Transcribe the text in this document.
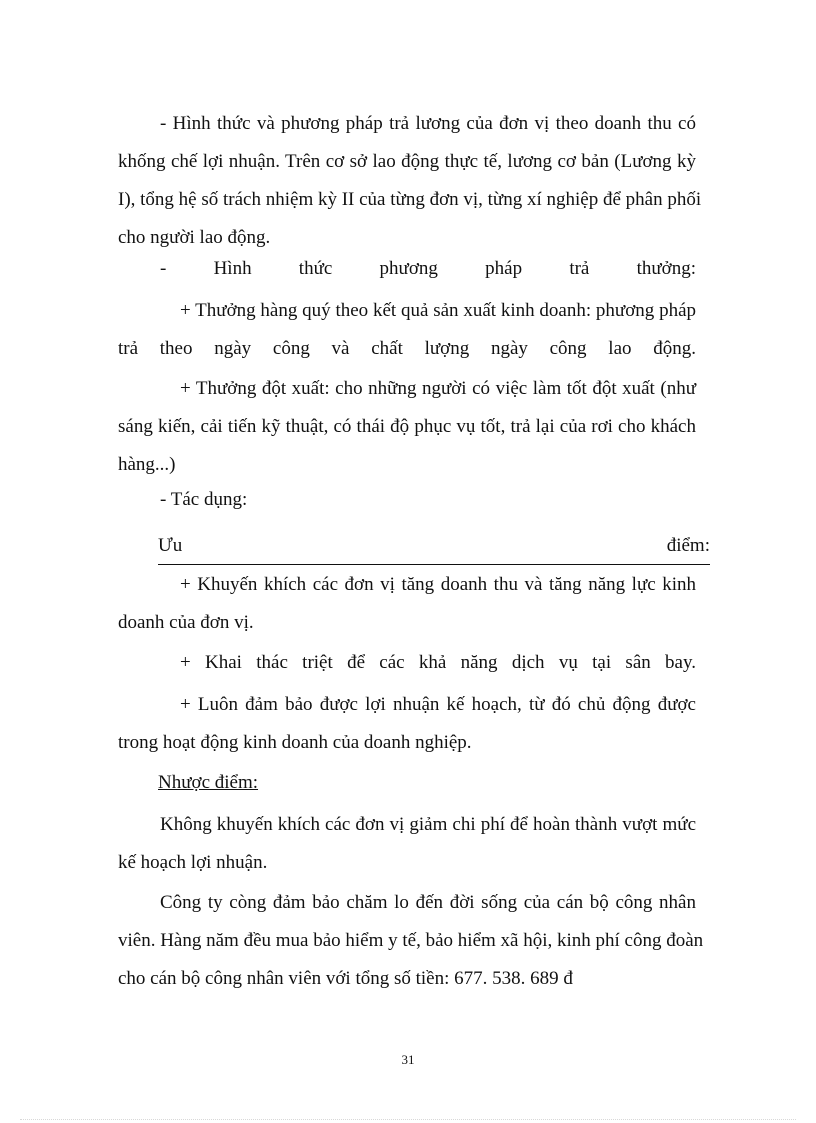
- Hình thức và phương pháp trả lương của đơn vị theo doanh thu có
khống chế lợi nhuận. Trên cơ sở lao động thực tế, lương cơ bản (Lương kỳ
I), tổng hệ số trách nhiệm kỳ II của từng đơn vị, từng xí nghiệp để phân phối
cho người lao động.
- Hình thức phương pháp trả thưởng:
+ Thưởng hàng quý theo kết quả sản xuất kinh doanh: phương pháp
trả theo ngày công và chất lượng ngày công lao động.
+ Thưởng đột xuất: cho những người có việc làm tốt đột xuất (như
sáng kiến, cải tiến kỹ thuật, có thái độ phục vụ tốt, trả lại của rơi cho khách
hàng...)
- Tác dụng:
Ưu	điểm:
+ Khuyến khích các đơn vị tăng doanh thu và tăng năng lực kinh
doanh của đơn vị.
+ Khai thác triệt để các khả năng dịch vụ tại sân bay.
+ Luôn đảm bảo được lợi nhuận kế hoạch, từ đó chủ động được
trong hoạt động kinh doanh của doanh nghiệp.
Nhược điểm:
Không khuyến khích các đơn vị giảm chi phí để hoàn thành vượt mức
kế hoạch lợi nhuận.
Công ty còng đảm bảo chăm lo đến đời sống của cán bộ công nhân
viên. Hàng năm đều mua bảo hiểm y tế, bảo hiểm xã hội, kinh phí công đoàn
cho cán bộ công nhân viên với tổng số tiền: 677. 538. 689 đ
31
